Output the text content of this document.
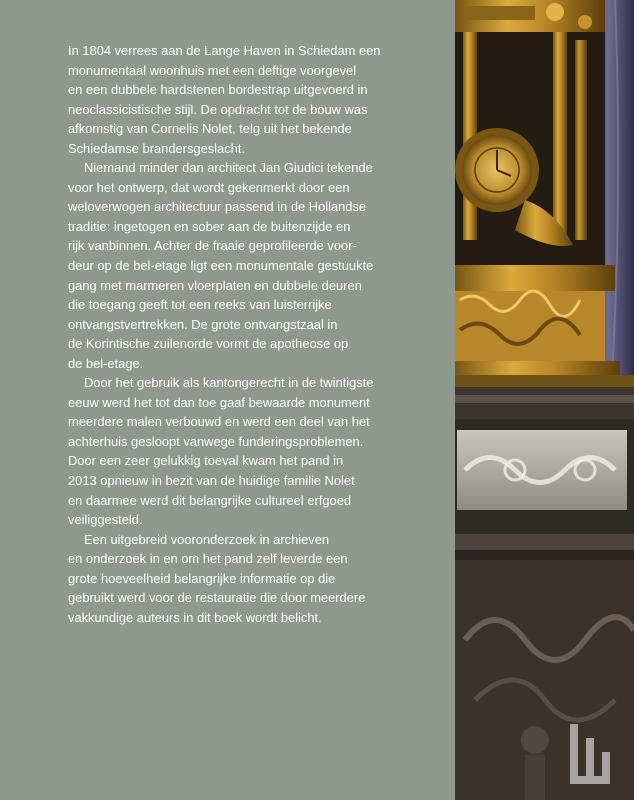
In 1804 verrees aan de Lange Haven in Schiedam een
monumentaal woonhuis met een deftige voorgevel
en een dubbele hardstenen bordestrap uitgevoerd in
neoclassicistische stijl. De opdracht tot de bouw was
afkomstig van Cornelis Nolet, telg uit het bekende
Schiedamse brandersgeslacht.

Niemand minder dan architect Jan Giudici tekende
voor het ontwerp, dat wordt gekenmerkt door een
weloverwogen architectuur passend in de Hollandse
traditie: ingetogen en sober aan de buitenzijde en
rijk vanbinnen. Achter de fraaie geprofileerde voor-
deur op de bel-etage ligt een monumentale gestuukte
gang met marmeren vloerplaten en dubbele deuren
die toegang geeft tot een reeks van luisterrijke
ontvangstvertrekken. De grote ontvangstzaal in
de Korintische zuilenorde vormt de apotheose op
de bel-etage.

Door het gebruik als kantongerecht in de twintigste
eeuw werd het tot dan toe gaaf bewaarde monument
meerdere malen verbouwd en werd een deel van het
achterhuis gesloopt vanwege funderingsproblemen.
Door een zeer gelukkig toeval kwam het pand in
2013 opnieuw in bezit van de huidige familie Nolet
en daarmee werd dit belangrijke cultureel erfgoed
veiliggesteld.

Een uitgebreid vooronderzoek in archieven
en onderzoek in en om het pand zelf leverde een
grote hoeveelheid belangrijke informatie op die
gebruikt werd voor de restauratie die door meerdere
vakkundige auteurs in dit boek wordt belicht.
